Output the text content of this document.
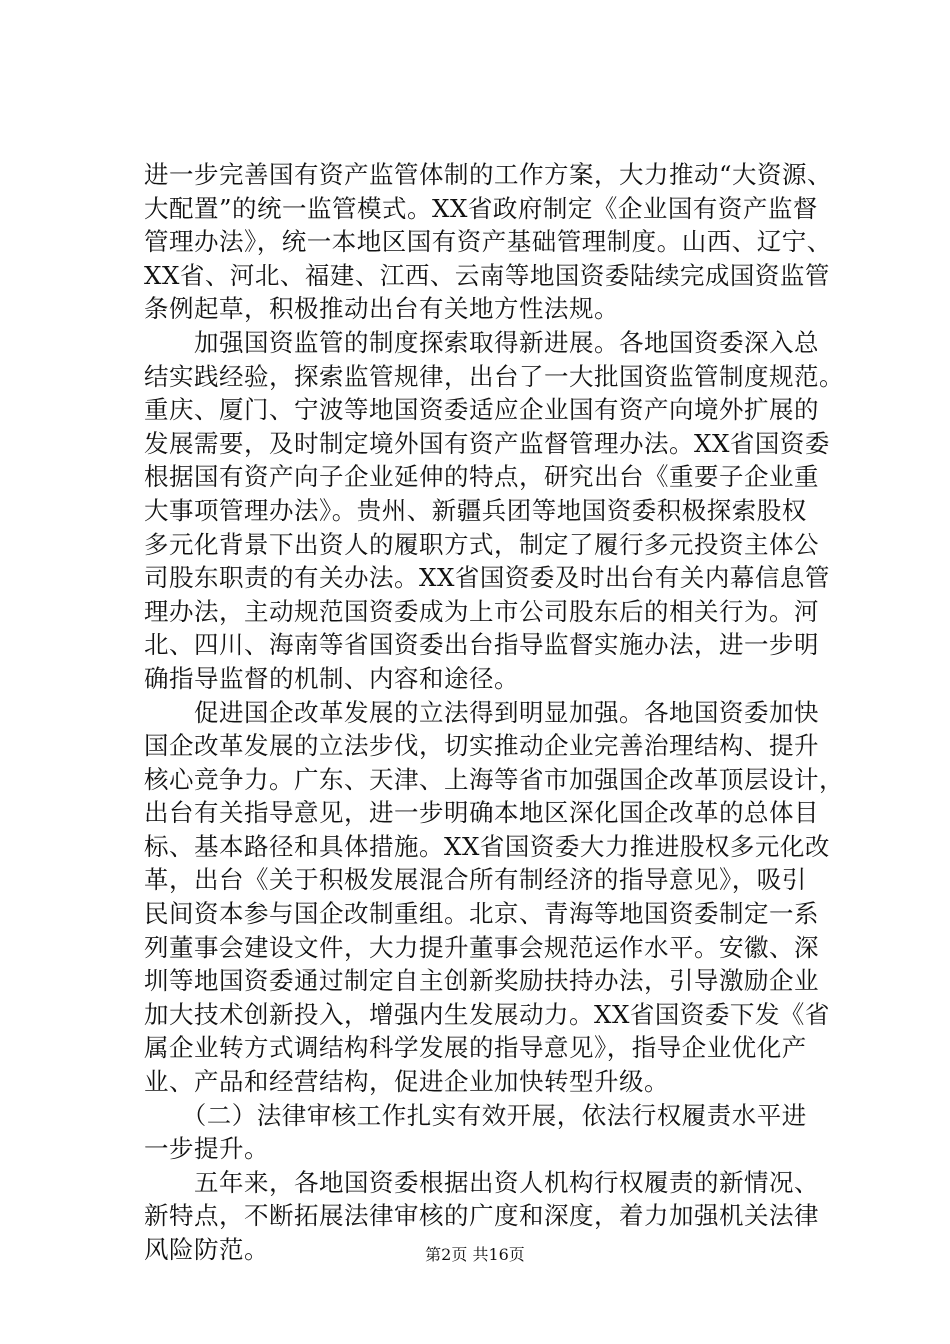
进一步完善国有资产监管体制的工作方案，大力推动“大资源、
大配置”的统一监管模式。XX省政府制定《企业国有资产监督
管理办法》，统一本地区国有资产基础管理制度。山西、辽宁、
XX省、河北、福建、江西、云南等地国资委陆续完成国资监管
条例起草，积极推动出台有关地方性法规。
　　加强国资监管的制度探索取得新进展。各地国资委深入总
结实践经验，探索监管规律，出台了一大批国资监管制度规范。
重庆、厦门、宁波等地国资委适应企业国有资产向境外扩展的
发展需要，及时制定境外国有资产监督管理办法。XX省国资委
根据国有资产向子企业延伸的特点，研究出台《重要子企业重
大事项管理办法》。贵州、新疆兵团等地国资委积极探索股权
多元化背景下出资人的履职方式，制定了履行多元投资主体公
司股东职责的有关办法。XX省国资委及时出台有关内幕信息管
理办法，主动规范国资委成为上市公司股东后的相关行为。河
北、四川、海南等省国资委出台指导监督实施办法，进一步明
确指导监督的机制、内容和途径。
　　促进国企改革发展的立法得到明显加强。各地国资委加快
国企改革发展的立法步伐，切实推动企业完善治理结构、提升
核心竞争力。广东、天津、上海等省市加强国企改革顶层设计，
出台有关指导意见，进一步明确本地区深化国企改革的总体目
标、基本路径和具体措施。XX省国资委大力推进股权多元化改
革，出台《关于积极发展混合所有制经济的指导意见》，吸引
民间资本参与国企改制重组。北京、青海等地国资委制定一系
列董事会建设文件，大力提升董事会规范运作水平。安徽、深
圳等地国资委通过制定自主创新奖励扶持办法，引导激励企业
加大技术创新投入，增强内生发展动力。XX省国资委下发《省
属企业转方式调结构科学发展的指导意见》，指导企业优化产
业、产品和经营结构，促进企业加快转型升级。
　　（二）法律审核工作扎实有效开展，依法行权履责水平进
一步提升。
　　五年来，各地国资委根据出资人机构行权履责的新情况、
新特点，不断拓展法律审核的广度和深度，着力加强机关法律
风险防范。	第2页 共16页
